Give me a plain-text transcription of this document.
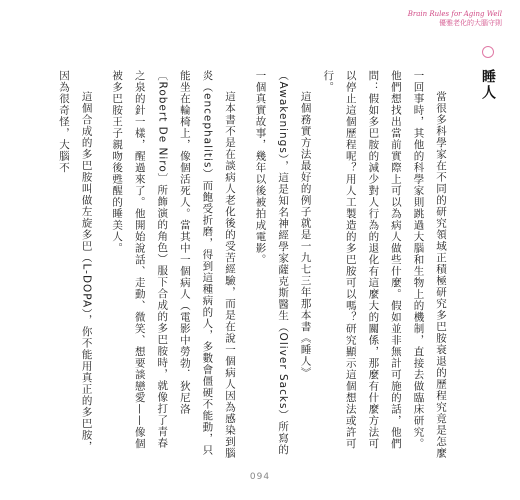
Brain Rules for Aging Well
優雅老化的大腦守則
睡人

當很多科學家在不同的研究領域正積極研究多巴胺衰退的歷程究竟是怎麼一回事時，其他的科學家則跳過大腦和生物上的機制，直接去做臨床研究。他們想找出當前實際上可以為病人做些什麼。假如並非無計可施的話，他們問：假如多巴胺的減少對人行為的退化有這麼大的關係，那麼有什麼方法可以停止這個歷程呢？用人工製造的多巴胺可以嗎？研究顯示這個想法或許可行。

這個務實方法最好的例子就是一九七三年那本書《睡人》（Awakenings），這是知名神經學家薩克斯醫生（Oliver Sacks）所寫的一個真實故事，幾年以後被拍成電影。

這本書不是在談病人老化後的受苦經驗，而是在說一個病人因為感染到腦炎（encephalitis）而飽受折磨，得到這種病的人，多數會僵硬不能動，只能坐在輪椅上，像個活死人。當其中一個病人（電影中勞勃．狄尼洛〔Robert De Niro〕所飾演的角色）服下合成的多巴胺時，就像打了青春之泉的針一樣，醒過來了。他開始說話、走動、微笑、想要談戀愛——像個被多巴胺王子親吻後甦醒的睡美人。

這個合成的多巴胺叫做左旋多巴（L-DOPA），你不能用真正的多巴胺，因為很奇怪，大腦不

094
